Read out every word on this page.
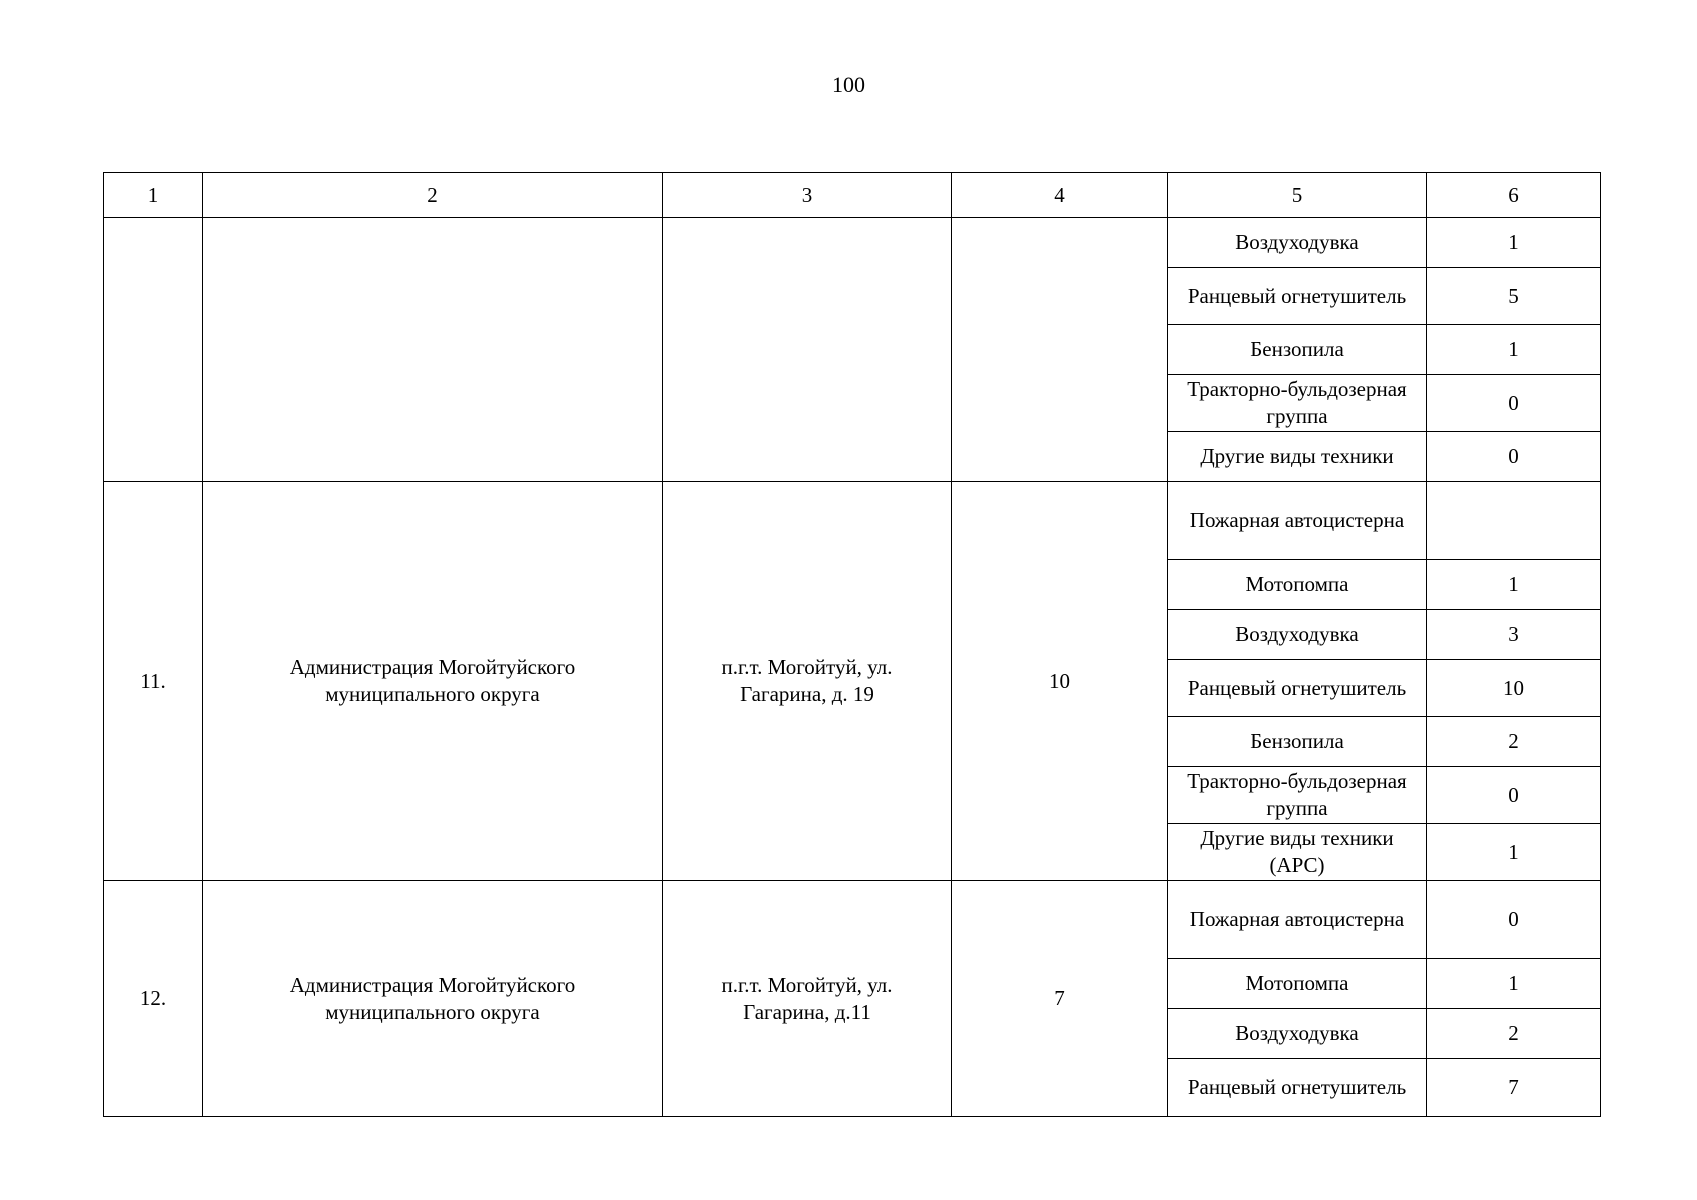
100
1	2	3	4	5	6
				Воздуходувка	1
				Ранцевый огнетушитель	5
				Бензопила	1
				Тракторно-бульдозерная группа	0
				Другие виды техники	0
11.	Администрация Могойтуйского муниципального округа	п.г.т. Могойтуй, ул. Гагарина, д. 19	10	Пожарная автоцистерна	
				Мотопомпа	1
				Воздуходувка	3
				Ранцевый огнетушитель	10
				Бензопила	2
				Тракторно-бульдозерная группа	0
				Другие виды техники (АРС)	1
12.	Администрация Могойтуйского муниципального округа	п.г.т. Могойтуй, ул. Гагарина, д.11	7	Пожарная автоцистерна	0
				Мотопомпа	1
				Воздуходувка	2
				Ранцевый огнетушитель	7
